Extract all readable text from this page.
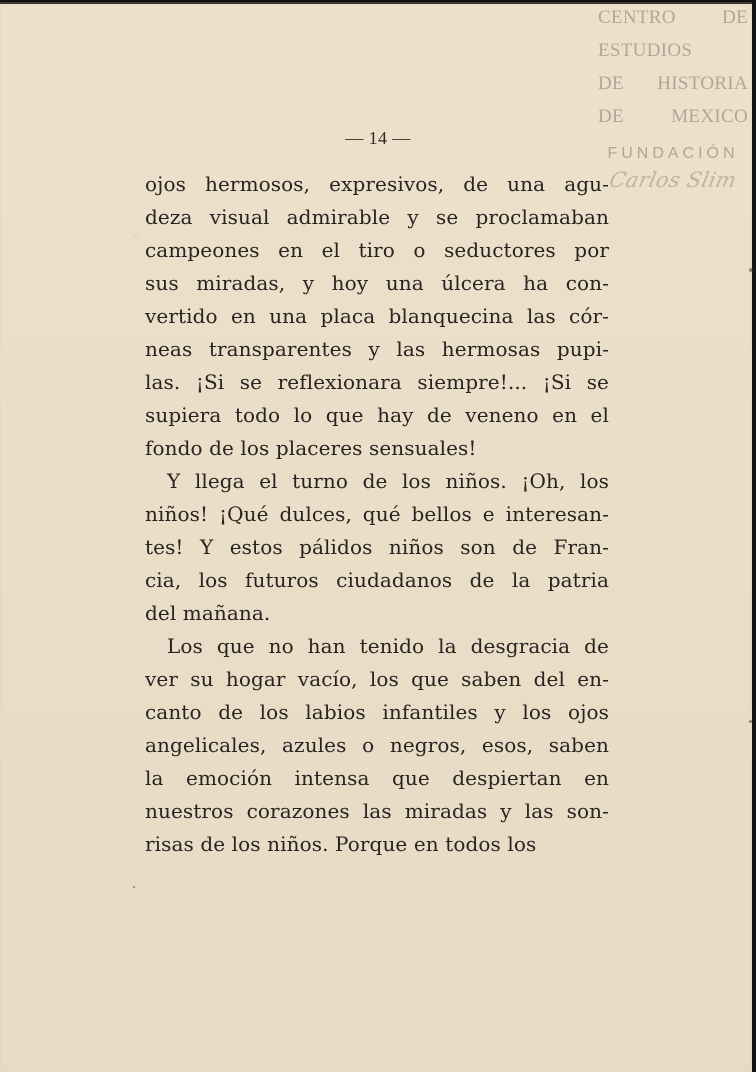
CENTRO DE
ESTUDIOS
DE HISTORIA
DE MEXICO
FUNDACIÓN
Carlos Slim
— 14 —

ojos hermosos, expresivos, de una agu-
deza visual admirable y se proclamaban
campeones en el tiro o seductores por
sus miradas, y hoy una úlcera ha con-
vertido en una placa blanquecina las cór-
neas transparentes y las hermosas pupi-
las. ¡Si se reflexionara siempre!... ¡Si se
supiera todo lo que hay de veneno en el
fondo de los placeres sensuales!

Y llega el turno de los niños. ¡Oh, los
niños! ¡Qué dulces, qué bellos e interesan-
tes! Y estos pálidos niños son de Fran-
cia, los futuros ciudadanos de la patria
del mañana.

Los que no han tenido la desgracia de
ver su hogar vacío, los que saben del en-
canto de los labios infantiles y los ojos
angelicales, azules o negros, esos, saben
la emoción intensa que despiertan en
nuestros corazones las miradas y las son-
risas de los niños. Porque en todos los
